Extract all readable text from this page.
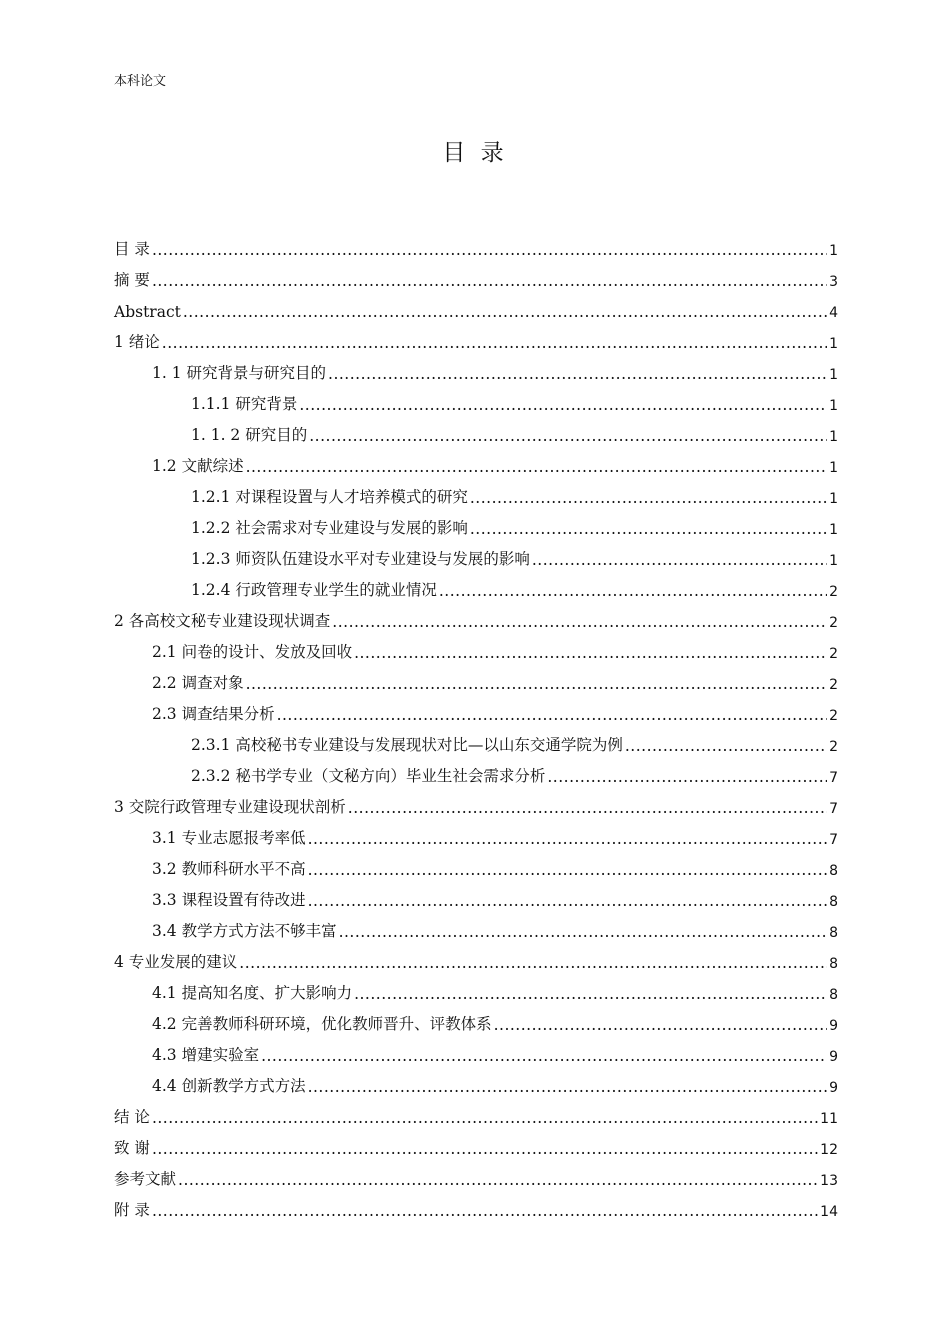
本科论文
目 录
目 录 .....	1
摘 要 .....	3
Abstract .....	4
1 绪论 .....	1
1. 1 研究背景与研究目的 .....	1
1.1.1 研究背景 .....	1
1. 1. 2 研究目的 .....	1
1.2 文献综述 .....	1
1.2.1 对课程设置与人才培养模式的研究 .....	1
1.2.2 社会需求对专业建设与发展的影响 .....	1
1.2.3 师资队伍建设水平对专业建设与发展的影响 .....	1
1.2.4 行政管理专业学生的就业情况 .....	2
2 各高校文秘专业建设现状调查 .....	2
2.1 问卷的设计、发放及回收 .....	2
2.2 调查对象 .....	2
2.3 调查结果分析 .....	2
2.3.1 高校秘书专业建设与发展现状对比—以山东交通学院为例 .....	2
2.3.2 秘书学专业（文秘方向）毕业生社会需求分析 .....	7
3 交院行政管理专业建设现状剖析 .....	7
3.1 专业志愿报考率低 .....	7
3.2 教师科研水平不高 .....	8
3.3 课程设置有待改进 .....	8
3.4 教学方式方法不够丰富 .....	8
4 专业发展的建议 .....	8
4.1 提高知名度、扩大影响力 .....	8
4.2 完善教师科研环境，优化教师晋升、评教体系 .....	9
4.3 增建实验室 .....	9
4.4 创新教学方式方法 .....	9
结 论 .....	11
致 谢 .....	12
参考文献 .....	13
附 录 .....	14
